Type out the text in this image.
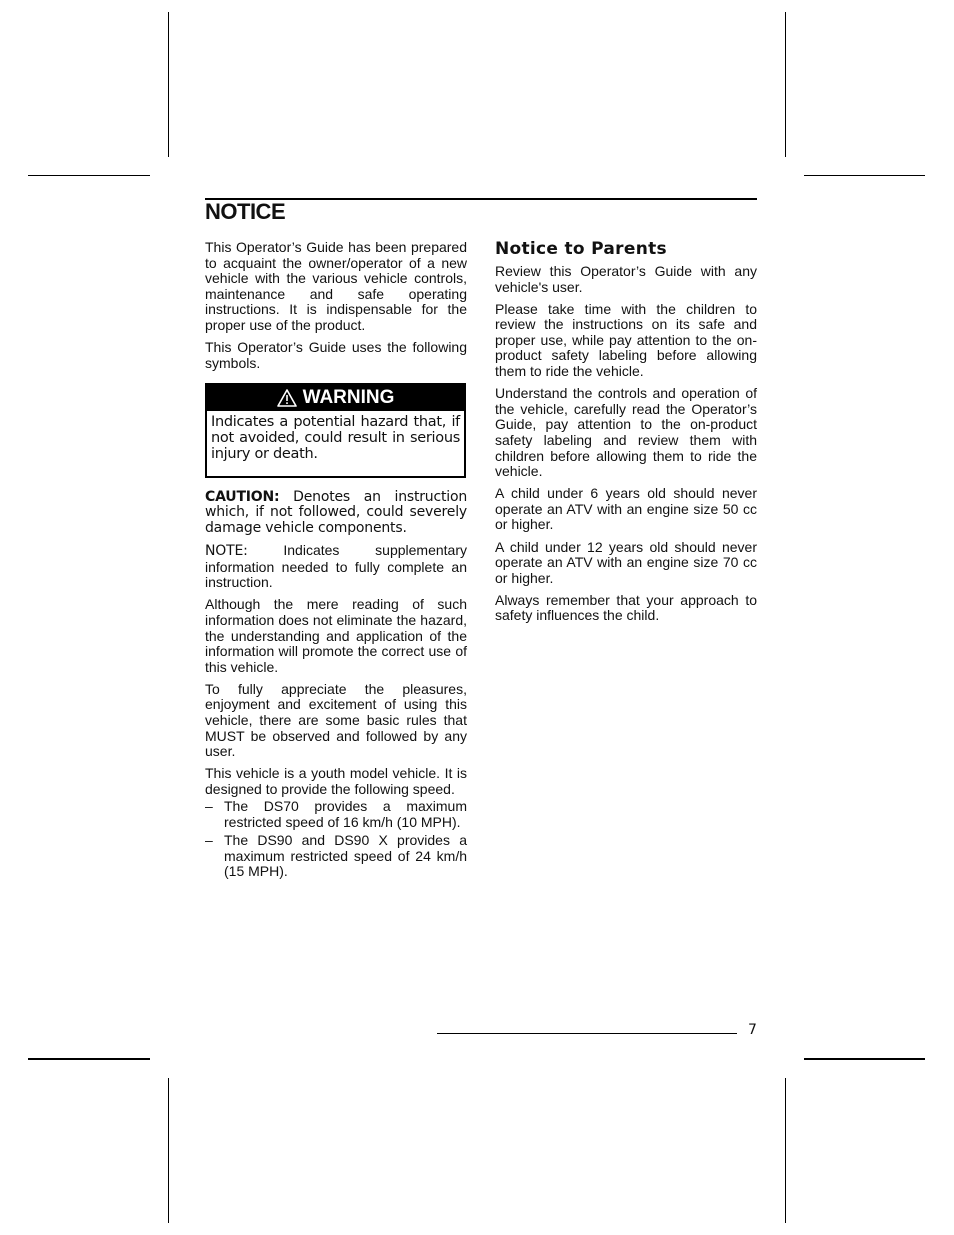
NOTICE

This Operator’s Guide has been prepared to acquaint the owner/operator of a new vehicle with the various vehicle controls, maintenance and safe operating instructions. It is indispensable for the proper use of the product.

This Operator’s Guide uses the following symbols.

WARNING

Indicates a potential hazard that, if not avoided, could result in serious injury or death.

CAUTION: Denotes an instruction which, if not followed, could severely damage vehicle components.

NOTE:	Indicates supplementary information needed to fully complete an instruction.

Although the mere reading of such information does not eliminate the hazard, the understanding and application of the information will promote the correct use of this vehicle.

To fully appreciate the pleasures, enjoyment and excitement of using this vehicle, there are some basic rules that MUST be observed and followed by any user.

This vehicle is a youth model vehicle. It is designed to provide the following speed.

– The DS70 provides a maximum restricted speed of 16 km/h (10 MPH).
– The DS90 and DS90 X provides a maximum restricted speed of 24 km/h (15 MPH).
Notice to Parents

Review this Operator’s Guide with any vehicle's user.

Please take time with the children to review the instructions on its safe and proper use, while pay attention to the on-product safety labeling before allowing them to ride the vehicle.

Understand the controls and operation of the vehicle, carefully read the Operator’s Guide, pay attention to the on-product safety labeling and review them with children before allowing them to ride the vehicle.

A child under 6 years old should never operate an ATV with an engine size 50 cc or higher.

A child under 12 years old should never operate an ATV with an engine size 70 cc or higher.

Always remember that your approach to safety influences the child.

7
